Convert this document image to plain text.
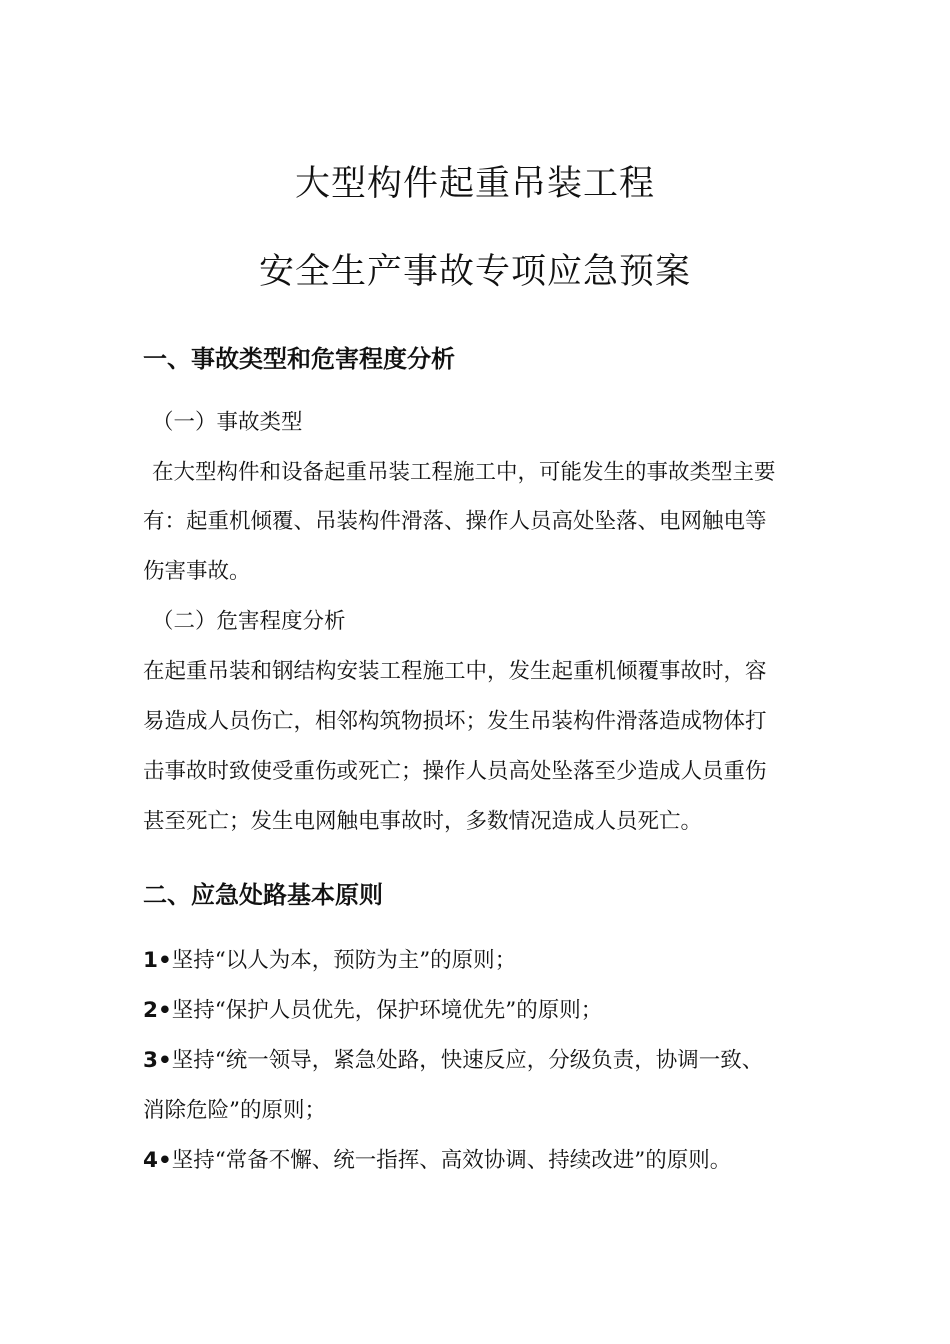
大型构件起重吊装工程
安全生产事故专项应急预案
一、事故类型和危害程度分析

（一）事故类型

在大型构件和设备起重吊装工程施工中，可能发生的事故类型主要

有：起重机倾覆、吊装构件滑落、操作人员高处坠落、电网触电等

伤害事故。

（二）危害程度分析

在起重吊装和钢结构安装工程施工中，发生起重机倾覆事故时，容

易造成人员伤亡，相邻构筑物损坏；发生吊装构件滑落造成物体打

击事故时致使受重伤或死亡；操作人员高处坠落至少造成人员重伤

甚至死亡；发生电网触电事故时，多数情况造成人员死亡。

二、应急处路基本原则

1•坚持“以人为本，预防为主”的原则；

2•坚持“保护人员优先，保护环境优先”的原则；

3•坚持“统一领导，紧急处路，快速反应，分级负责，协调一致、

消除危险”的原则；

4•坚持“常备不懈、统一指挥、高效协调、持续改进”的原则。
